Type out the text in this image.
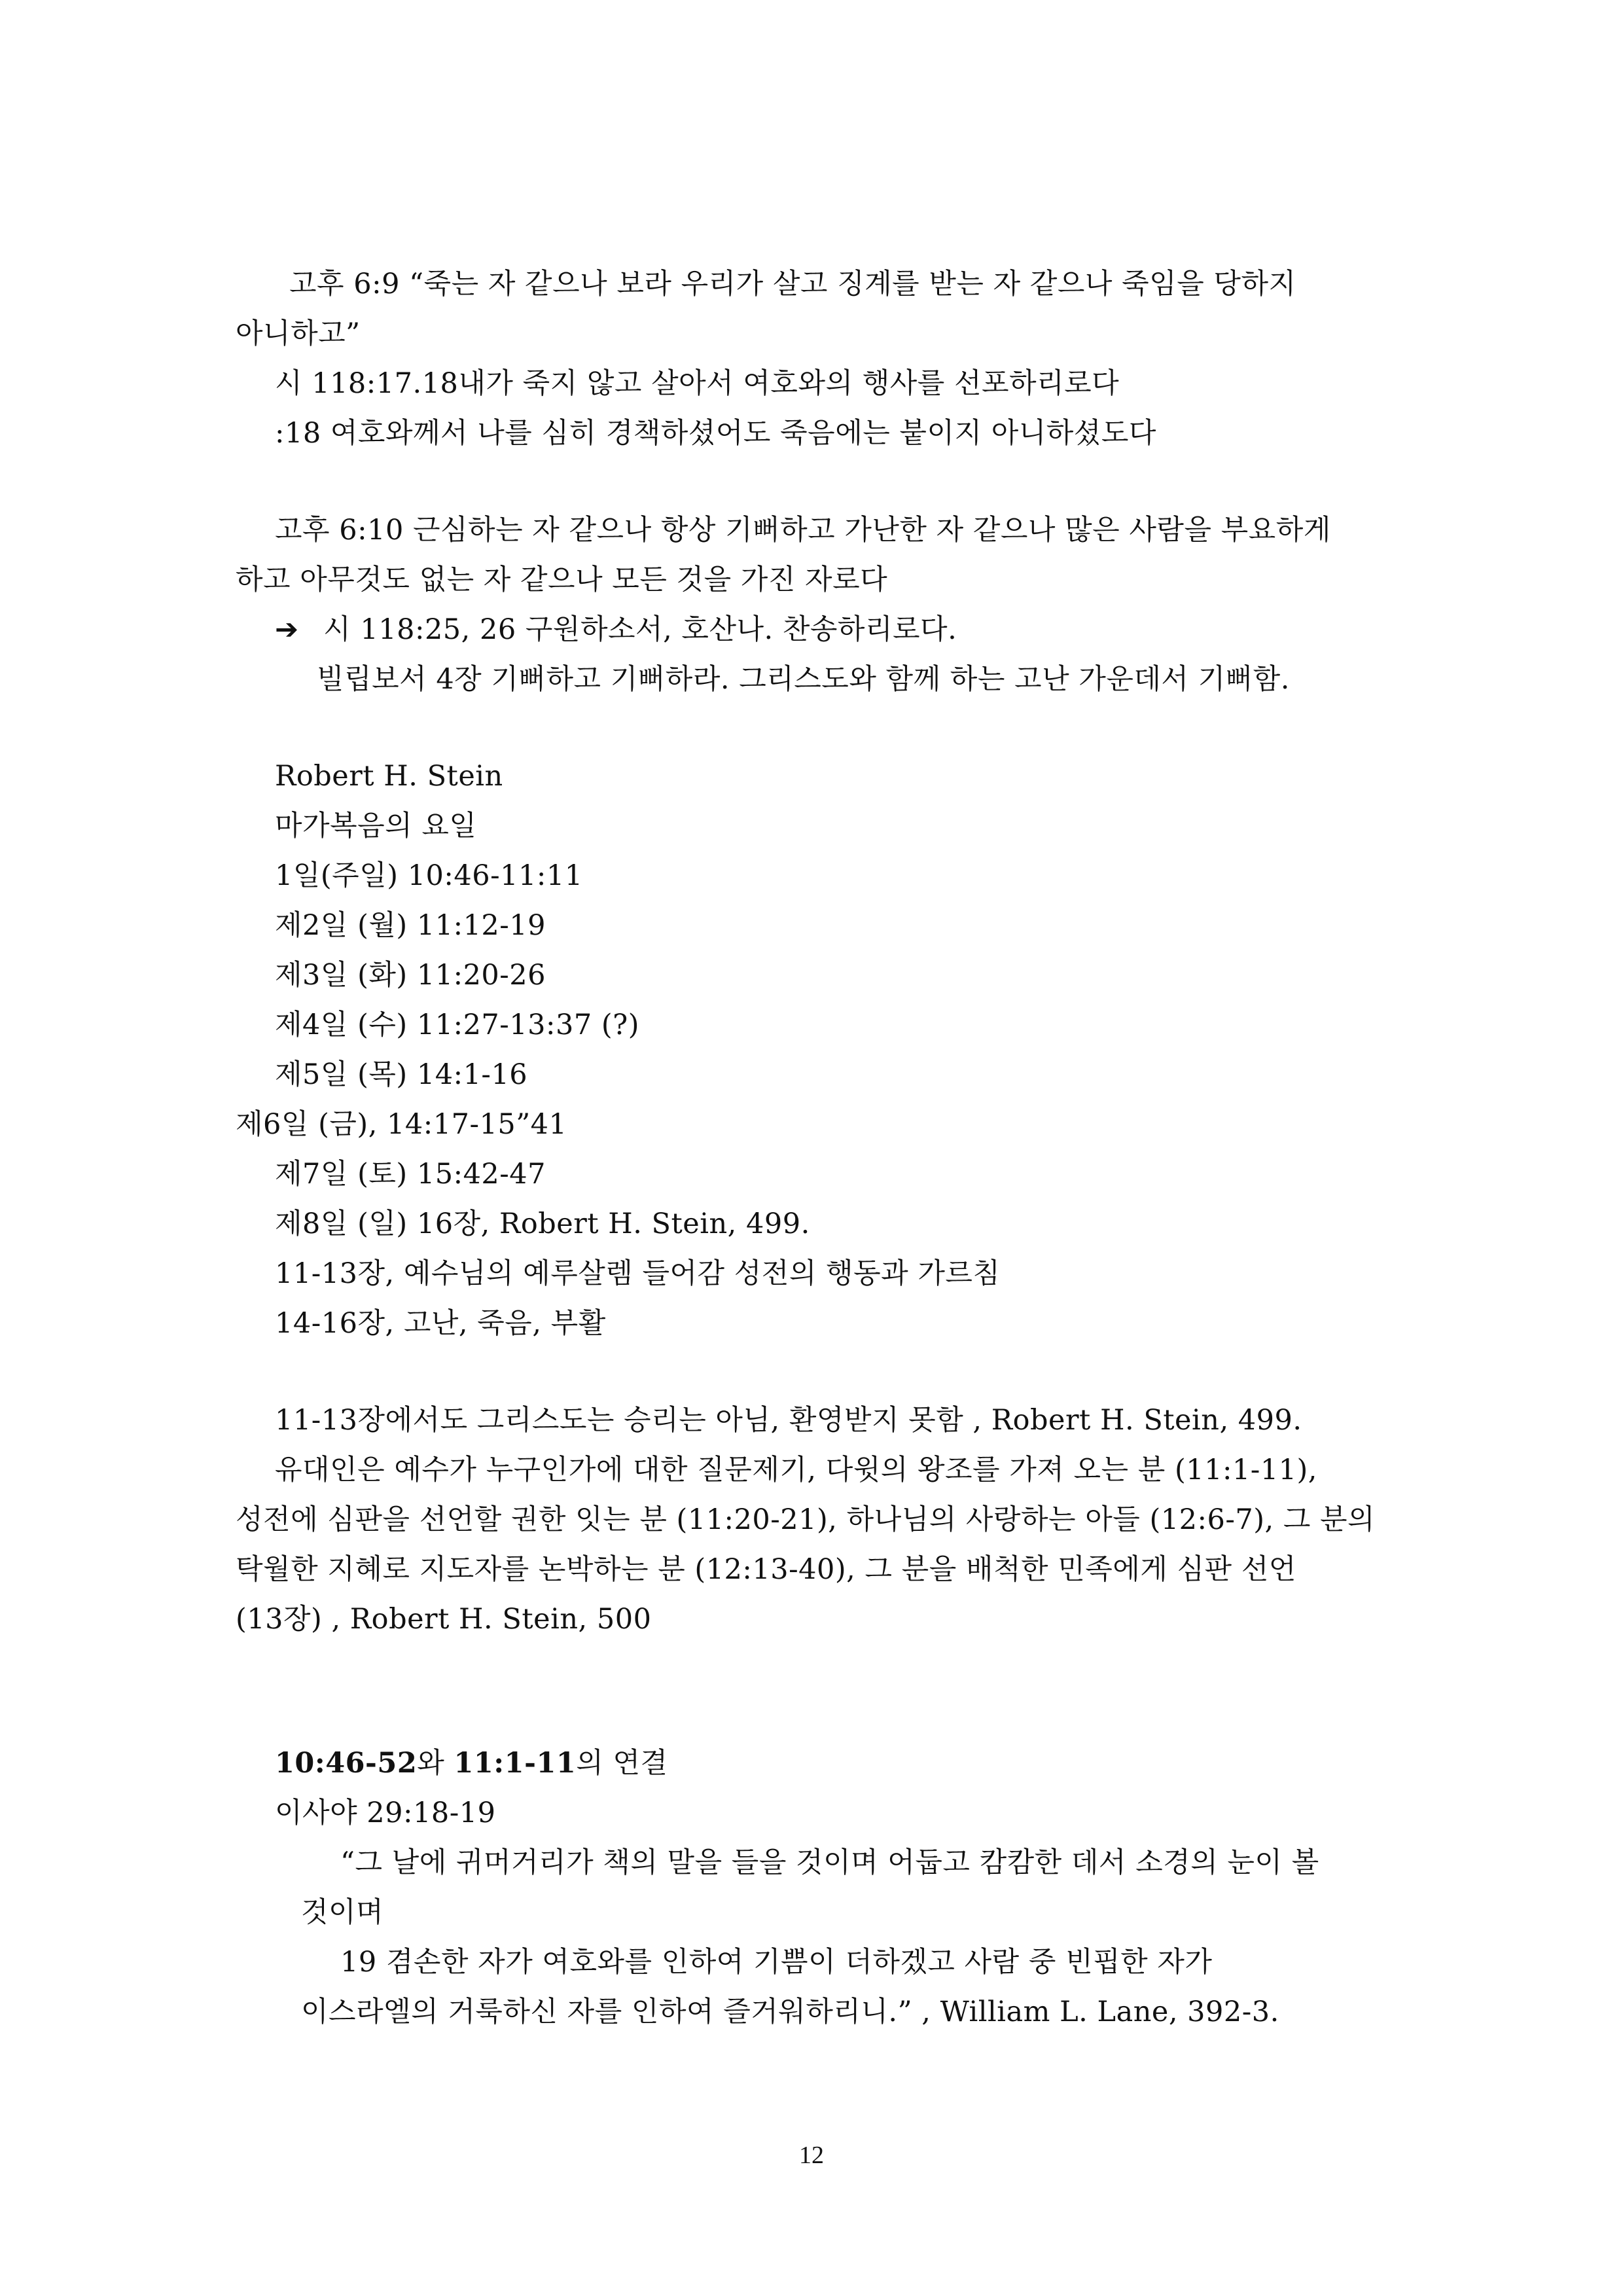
고후 6:9 “죽는 자 같으나 보라 우리가 살고 징계를 받는 자 같으나 죽임을 당하지
아니하고”
시 118:17.18내가 죽지 않고 살아서 여호와의 행사를 선포하리로다
:18 여호와께서 나를 심히 경책하셨어도 죽음에는 붙이지 아니하셨도다
고후 6:10 근심하는 자 같으나 항상 기뻐하고 가난한 자 같으나 많은 사람을 부요하게
하고 아무것도 없는 자 같으나 모든 것을 가진 자로다
➔ 시 118:25, 26 구원하소서, 호산나. 찬송하리로다.
빌립보서 4장 기뻐하고 기뻐하라. 그리스도와 함께 하는 고난 가운데서 기뻐함.
Robert H. Stein
마가복음의 요일
1일(주일) 10:46-11:11
제2일 (월) 11:12-19
제3일 (화) 11:20-26
제4일 (수) 11:27-13:37 (?)
제5일 (목) 14:1-16
제6일 (금), 14:17-15”41
제7일 (토) 15:42-47
제8일 (일) 16장, Robert H. Stein, 499.
11-13장, 예수님의 예루살렘 들어감 성전의 행동과 가르침
14-16장, 고난, 죽음, 부활
11-13장에서도 그리스도는 승리는 아님, 환영받지 못함 , Robert H. Stein, 499.
유대인은 예수가 누구인가에 대한 질문제기, 다윗의 왕조를 가져 오는 분 (11:1-11),
성전에 심판을 선언할 권한 잇는 분 (11:20-21), 하나님의 사랑하는 아들 (12:6-7), 그 분의
탁월한 지혜로 지도자를 논박하는 분 (12:13-40), 그 분을 배척한 민족에게 심판 선언
(13장) , Robert H. Stein, 500
10:46-52와 11:1-11의 연결
이사야 29:18-19
“그 날에 귀머거리가 책의 말을 들을 것이며 어둡고 캄캄한 데서 소경의 눈이 볼
것이며
19 겸손한 자가 여호와를 인하여 기쁨이 더하겠고 사람 중 빈핍한 자가
이스라엘의 거룩하신 자를 인하여 즐거워하리니.” , William L. Lane, 392-3.
12
